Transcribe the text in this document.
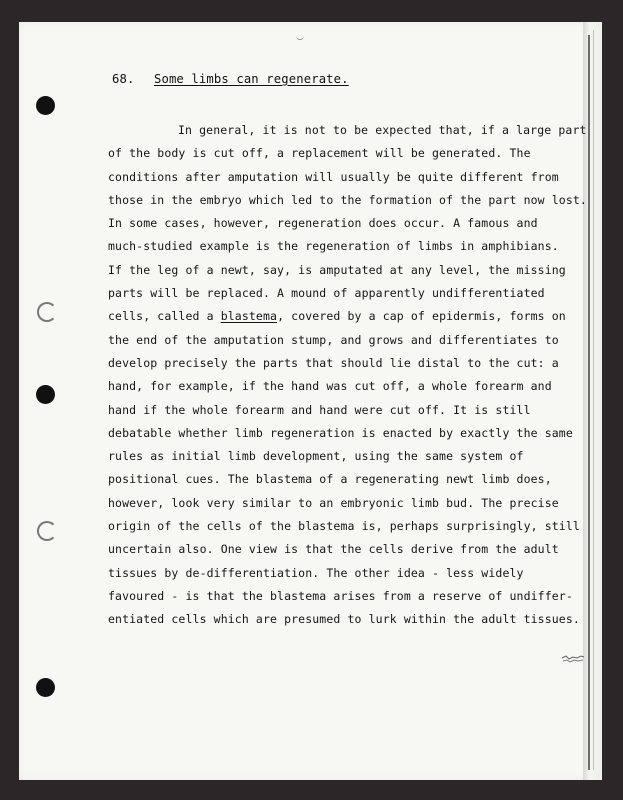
68. Some limbs can regenerate.
In general, it is not to be expected that, if a large part
of the body is cut off, a replacement will be generated. The
conditions after amputation will usually be quite different from
those in the embryo which led to the formation of the part now lost.
In some cases, however, regeneration does occur. A famous and
much-studied example is the regeneration of limbs in amphibians.
If the leg of a newt, say, is amputated at any level, the missing
parts will be replaced. A mound of apparently undifferentiated
cells, called a blastema, covered by a cap of epidermis, forms on
the end of the amputation stump, and grows and differentiates to
develop precisely the parts that should lie distal to the cut: a
hand, for example, if the hand was cut off, a whole forearm and
hand if the whole forearm and hand were cut off. It is still
debatable whether limb regeneration is enacted by exactly the same
rules as initial limb development, using the same system of
positional cues. The blastema of a regenerating newt limb does,
however, look very similar to an embryonic limb bud. The precise
origin of the cells of the blastema is, perhaps surprisingly, still
uncertain also. One view is that the cells derive from the adult
tissues by de-differentiation. The other idea - less widely
favoured - is that the blastema arises from a reserve of undiffer-
entiated cells which are presumed to lurk within the adult tissues.
